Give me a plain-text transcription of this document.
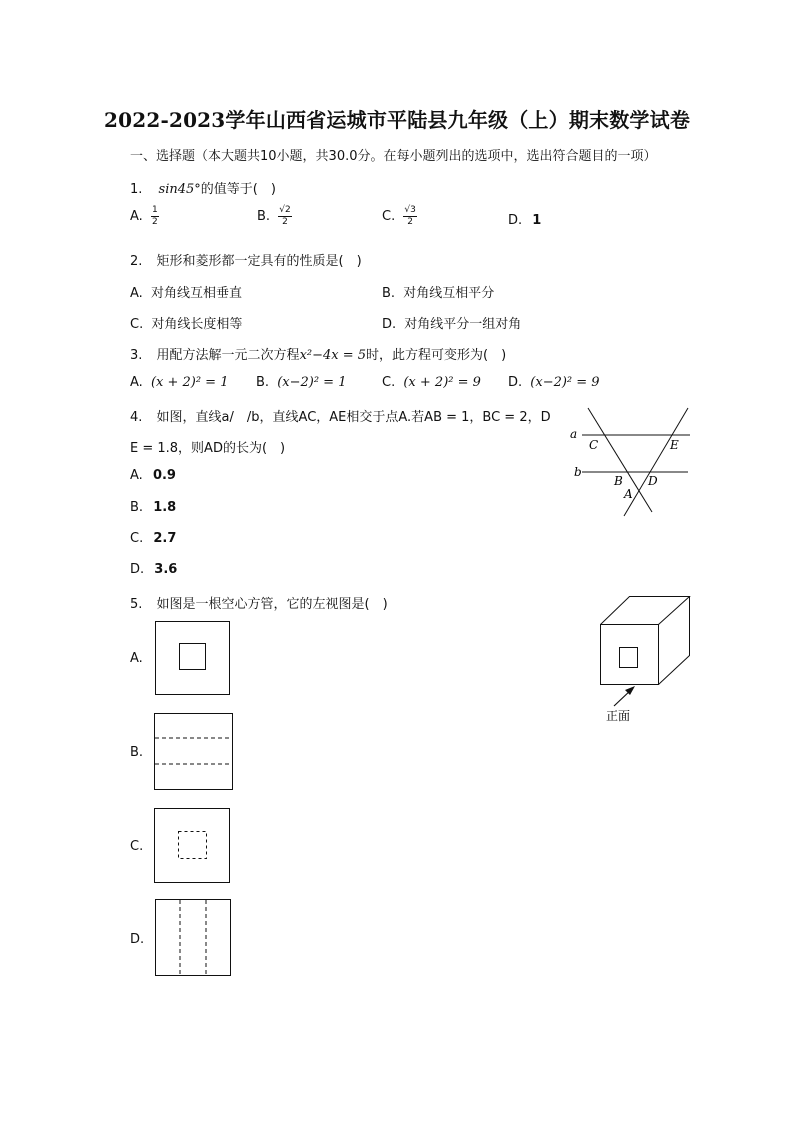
2022-2023学年山西省运城市平陆县九年级（上）期末数学试卷
一、选择题（本大题共10小题，共30.0分。在每小题列出的选项中，选出符合题目的一项）
1. sin45°的值等于( )
A. $\frac{1}{2}$	B. $\frac{√2}{2}$	C. $\frac{√3}{2}$	D. 1
2. 矩形和菱形都一定具有的性质是( )
A. 对角线互相垂直	B. 对角线互相平分
C. 对角线长度相等	D. 对角线平分一组对角
3. 用配方法解一元二次方程x²−4x = 5时，此方程可变形为( )
A. (x + 2)² = 1 B. (x−2)² = 1	C. (x + 2)² = 9 D. (x−2)² = 9
4. 如图，直线a/ /b，直线AC，AE相交于点A.若AB = 1，BC = 2，D
E = 1.8，则AD的长为( )
A. 0.9
B. 1.8
C. 2.7
D. 3.6
a
b
C	E
B D
A
5. 如图是一根空心方管，它的左视图是( )
A.
B.
C.
D.
正面
